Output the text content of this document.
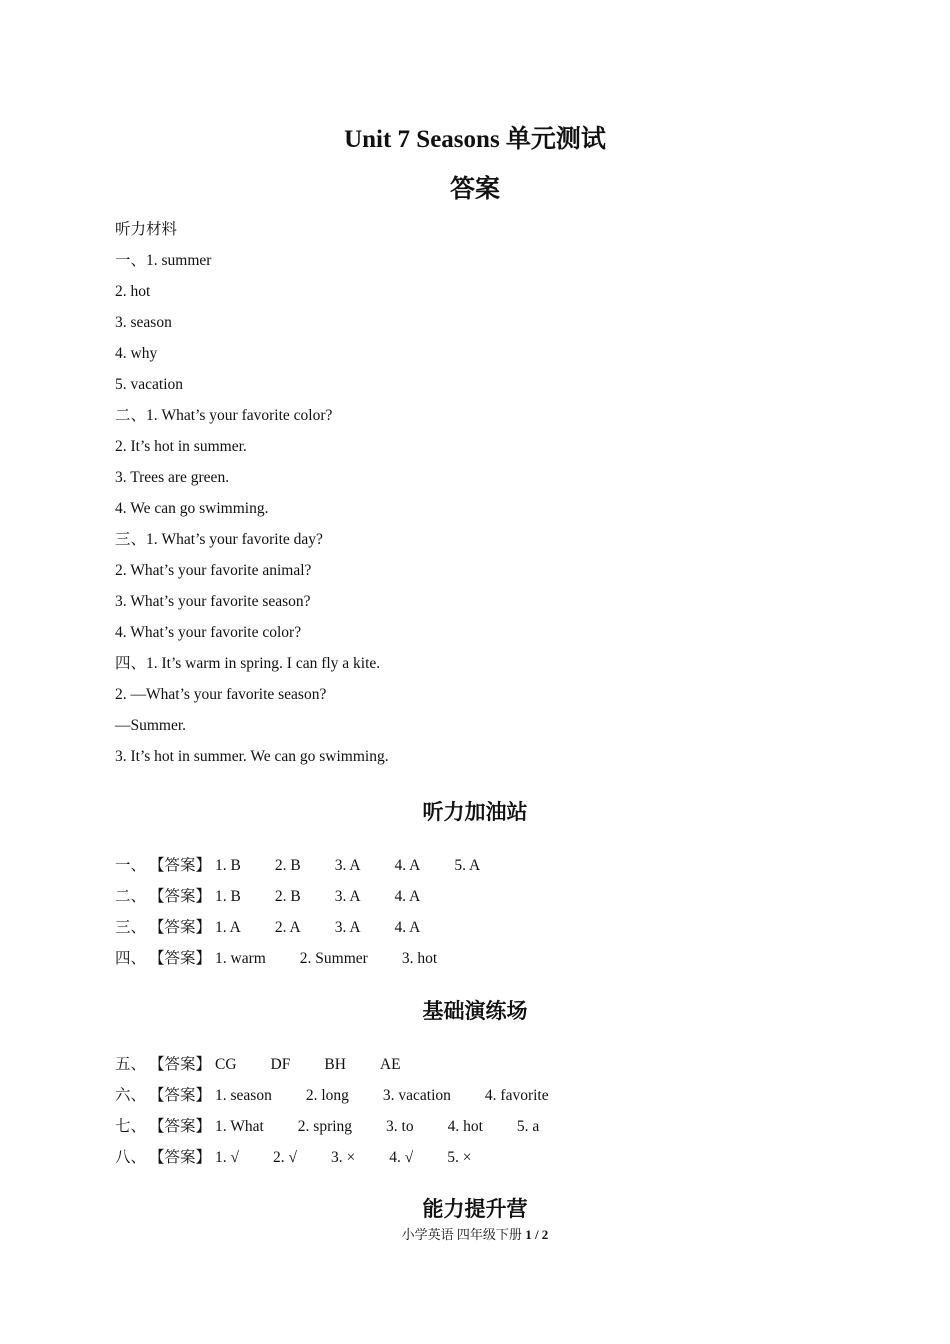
Unit 7 Seasons 单元测试
答案
听力材料
一、1. summer
2. hot
3. season
4. why
5. vacation
二、1. What’s your favorite color?
2. It’s hot in summer.
3. Trees are green.
4. We can go swimming.
三、1. What’s your favorite day?
2. What’s your favorite animal?
3. What’s your favorite season?
4. What’s your favorite color?
四、1. It’s warm in spring. I can fly a kite.
2. —What’s your favorite season?
—Summer.
3. It’s hot in summer. We can go swimming.
听力加油站
一、 【答案】 1. B 2. B 3. A 4. A 5. A
二、 【答案】 1. B 2. B 3. A 4. A
三、 【答案】 1. A 2. A 3. A 4. A
四、 【答案】 1. warm 2. Summer 3. hot
基础演练场
五、 【答案】 CG DF BH AE
六、 【答案】 1. season 2. long 3. vacation 4. favorite
七、 【答案】 1. What 2. spring 3. to 4. hot 5. a
八、 【答案】 1. √ 2. √ 3. × 4. √ 5. ×
能力提升营
小学英语 四年级下册 1 / 2
